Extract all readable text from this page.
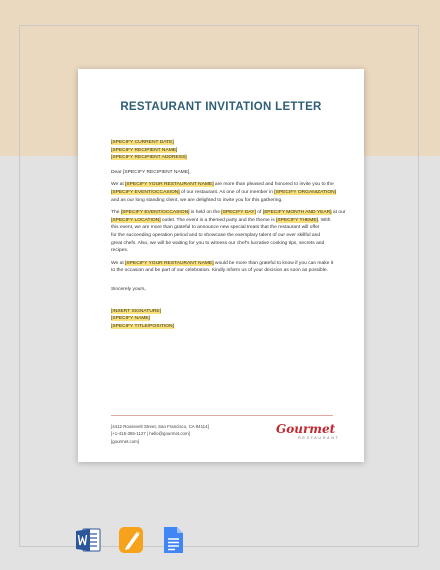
RESTAURANT INVITATION LETTER
[SPECIFY CURRENT DATE]
[SPECIFY RECIPIENT NAME]
[SPECIFY RECIPIENT ADDRESS]

Dear [SPECIFY RECIPIENT NAME],

We at [SPECIFY YOUR RESTAURANT NAME] are more than pleased and honored to invite you to the
[SPECIFY EVENT/OCCASION] of our restaurant. As one of our member in [SPECIFY ORGANIZATION]
and as our long standing client, we are delighted to invite you for this gathering.
The [SPECIFY EVENT/OCCASION] is held on the [SPECIFY DAY] of [SPECIFY MONTH AND YEAR] at our
[SPECIFY LOCATION] outlet. The event is a themed party and the theme is [SPECIFY THEME]. With
this event, we are more than grateful to announce new special treats that the restaurant will offer
for the succeeding operation period and to showcase the exemplary talent of our ever skillful and
great chefs. Also, we will be waiting for you to witness our chef's lucrative cooking tips, secrets and
recipes.
We at [SPECIFY YOUR RESTAURANT NAME] would be more than grateful to know if you can make it
to the occasion and be part of our celebration. Kindly inform us of your decision as soon as possible.

Sincerely yours,

[INSERT SIGNATURE]
[SPECIFY NAME]
[SPECIFY TITLE/POSITION]
[4412 Roosevelt Street, San Francisco, CA 94114]
[+1-415-355-1127 | hello@gourmet.com]
[gourmet.com]
Gourmet
RESTAURANT
